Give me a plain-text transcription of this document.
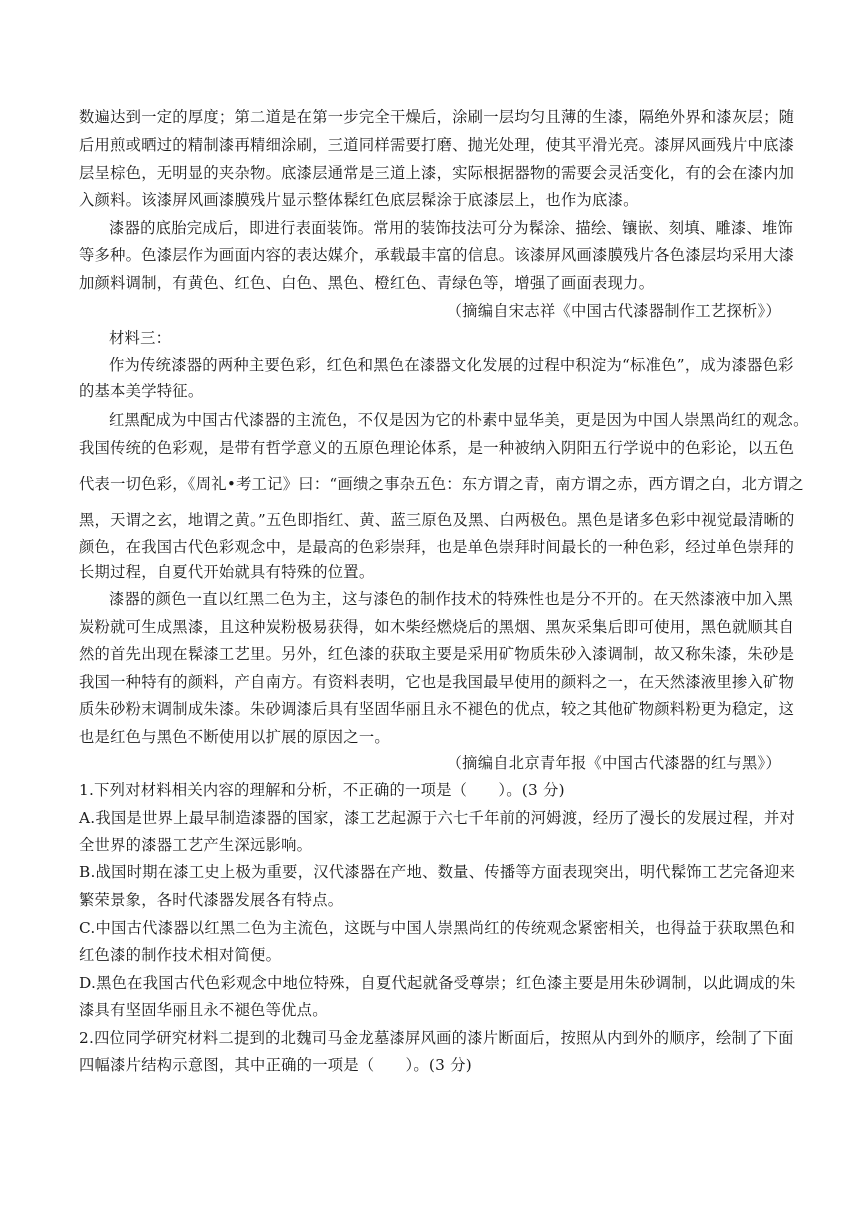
数遍达到一定的厚度；第二道是在第一步完全干燥后，涂刷一层均匀且薄的生漆，隔绝外界和漆灰层；随
后用煎或晒过的精制漆再精细涂刷，三道同样需要打磨、抛光处理，使其平滑光亮。漆屏风画残片中底漆
层呈棕色，无明显的夹杂物。底漆层通常是三道上漆，实际根据器物的需要会灵活变化，有的会在漆内加
入颜料。该漆屏风画漆膜残片显示整体髹红色底层髹涂于底漆层上，也作为底漆。
漆器的底胎完成后，即进行表面装饰。常用的装饰技法可分为髹涂、描绘、镶嵌、刻填、雕漆、堆饰
等多种。色漆层作为画面内容的表达媒介，承载最丰富的信息。该漆屏风画漆膜残片各色漆层均采用大漆
加颜料调制，有黄色、红色、白色、黑色、橙红色、青绿色等，增强了画面表现力。
（摘编自宋志祥《中国古代漆器制作工艺探析》）
材料三：
作为传统漆器的两种主要色彩，红色和黑色在漆器文化发展的过程中积淀为“标准色”，成为漆器色彩
的基本美学特征。
红黑配成为中国古代漆器的主流色，不仅是因为它的朴素中显华美，更是因为中国人崇黑尚红的观念。
我国传统的色彩观，是带有哲学意义的五原色理论体系，是一种被纳入阴阳五行学说中的色彩论，以五色
代表一切色彩，《周礼•考工记》曰：“画缋之事杂五色：东方谓之青，南方谓之赤，西方谓之白，北方谓之
黑，天谓之玄，地谓之黄。”五色即指红、黄、蓝三原色及黑、白两极色。黑色是诸多色彩中视觉最清晰的
颜色，在我国古代色彩观念中，是最高的色彩崇拜，也是单色崇拜时间最长的一种色彩，经过单色崇拜的
长期过程，自夏代开始就具有特殊的位置。
漆器的颜色一直以红黑二色为主，这与漆色的制作技术的特殊性也是分不开的。在天然漆液中加入黑
炭粉就可生成黑漆，且这种炭粉极易获得，如木柴经燃烧后的黑烟、黑灰采集后即可使用，黑色就顺其自
然的首先出现在髹漆工艺里。另外，红色漆的获取主要是采用矿物质朱砂入漆调制，故又称朱漆，朱砂是
我国一种特有的颜料，产自南方。有资料表明，它也是我国最早使用的颜料之一，在天然漆液里掺入矿物
质朱砂粉末调制成朱漆。朱砂调漆后具有坚固华丽且永不褪色的优点，较之其他矿物颜料粉更为稳定，这
也是红色与黑色不断使用以扩展的原因之一。
（摘编自北京青年报《中国古代漆器的红与黑》）
1.下列对材料相关内容的理解和分析，不正确的一项是（　　）。(3 分)
A.我国是世界上最早制造漆器的国家，漆工艺起源于六七千年前的河姆渡，经历了漫长的发展过程，并对
全世界的漆器工艺产生深远影响。
B.战国时期在漆工史上极为重要，汉代漆器在产地、数量、传播等方面表现突出，明代髹饰工艺完备迎来
繁荣景象，各时代漆器发展各有特点。
C.中国古代漆器以红黑二色为主流色，这既与中国人崇黑尚红的传统观念紧密相关，也得益于获取黑色和
红色漆的制作技术相对简便。
D.黑色在我国古代色彩观念中地位特殊，自夏代起就备受尊崇；红色漆主要是用朱砂调制，以此调成的朱
漆具有坚固华丽且永不褪色等优点。
2.四位同学研究材料二提到的北魏司马金龙墓漆屏风画的漆片断面后，按照从内到外的顺序，绘制了下面
四幅漆片结构示意图，其中正确的一项是（　　）。(3 分)
